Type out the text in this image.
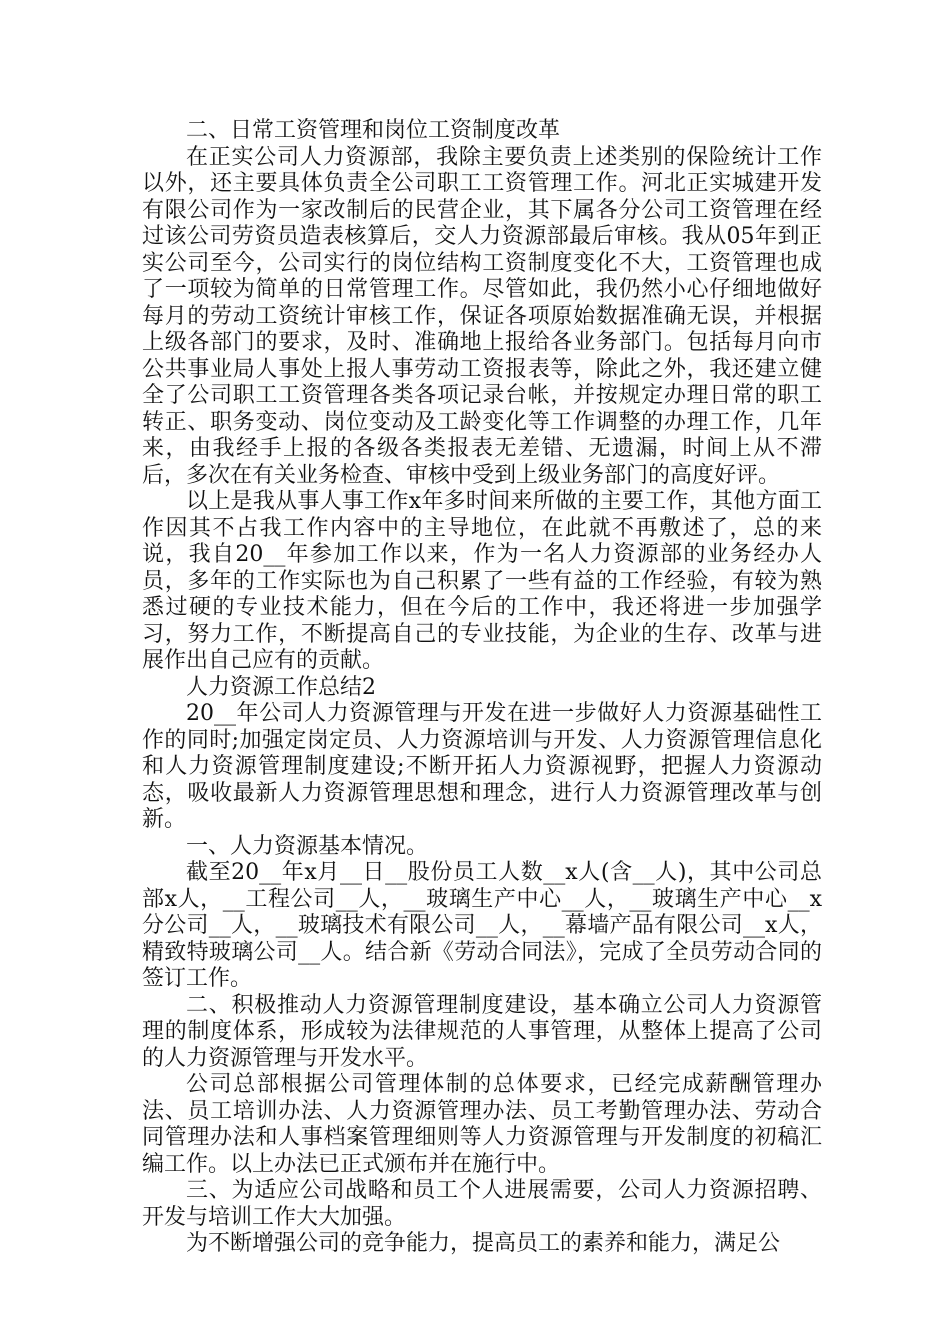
二、日常工资管理和岗位工资制度改革

在正实公司人力资源部，我除主要负责上述类别的保险统计工作以外，还主要具体负责全公司职工工资管理工作。河北正实城建开发有限公司作为一家改制后的民营企业，其下属各分公司工资管理在经过该公司劳资员造表核算后，交人力资源部最后审核。我从05年到正实公司至今，公司实行的岗位结构工资制度变化不大，工资管理也成了一项较为简单的日常管理工作。尽管如此，我仍然小心仔细地做好每月的劳动工资统计审核工作，保证各项原始数据准确无误，并根据上级各部门的要求，及时、准确地上报给各业务部门。包括每月向市公共事业局人事处上报人事劳动工资报表等，除此之外，我还建立健全了公司职工工资管理各类各项记录台帐，并按规定办理日常的职工转正、职务变动、岗位变动及工龄变化等工作调整的办理工作，几年来，由我经手上报的各级各类报表无差错、无遗漏，时间上从不滞后，多次在有关业务检查、审核中受到上级业务部门的高度好评。

以上是我从事人事工作x年多时间来所做的主要工作，其他方面工作因其不占我工作内容中的主导地位，在此就不再敷述了，总的来说，我自20__年参加工作以来，作为一名人力资源部的业务经办人员，多年的工作实际也为自己积累了一些有益的工作经验，有较为熟悉过硬的专业技术能力，但在今后的工作中，我还将进一步加强学习，努力工作，不断提高自己的专业技能，为企业的生存、改革与进展作出自己应有的贡献。

人力资源工作总结2

20__年公司人力资源管理与开发在进一步做好人力资源基础性工作的同时;加强定岗定员、人力资源培训与开发、人力资源管理信息化和人力资源管理制度建设;不断开拓人力资源视野，把握人力资源动态，吸收最新人力资源管理思想和理念，进行人力资源管理改革与创新。

一、人力资源基本情况。

截至20__年x月__日__股份员工人数__x人(含__人)，其中公司总部x人，__工程公司__人，__玻璃生产中心__人，__玻璃生产中心__x分公司__人，__玻璃技术有限公司__人，__幕墙产品有限公司__x人，精致特玻璃公司__人。结合新《劳动合同法》，完成了全员劳动合同的签订工作。

二、积极推动人力资源管理制度建设，基本确立公司人力资源管理的制度体系，形成较为法律规范的人事管理，从整体上提高了公司的人力资源管理与开发水平。

公司总部根据公司管理体制的总体要求，已经完成薪酬管理办法、员工培训办法、人力资源管理办法、员工考勤管理办法、劳动合同管理办法和人事档案管理细则等人力资源管理与开发制度的初稿汇编工作。以上办法已正式颁布并在施行中。

三、为适应公司战略和员工个人进展需要，公司人力资源招聘、开发与培训工作大大加强。

为不断增强公司的竞争能力，提高员工的素养和能力，满足公
